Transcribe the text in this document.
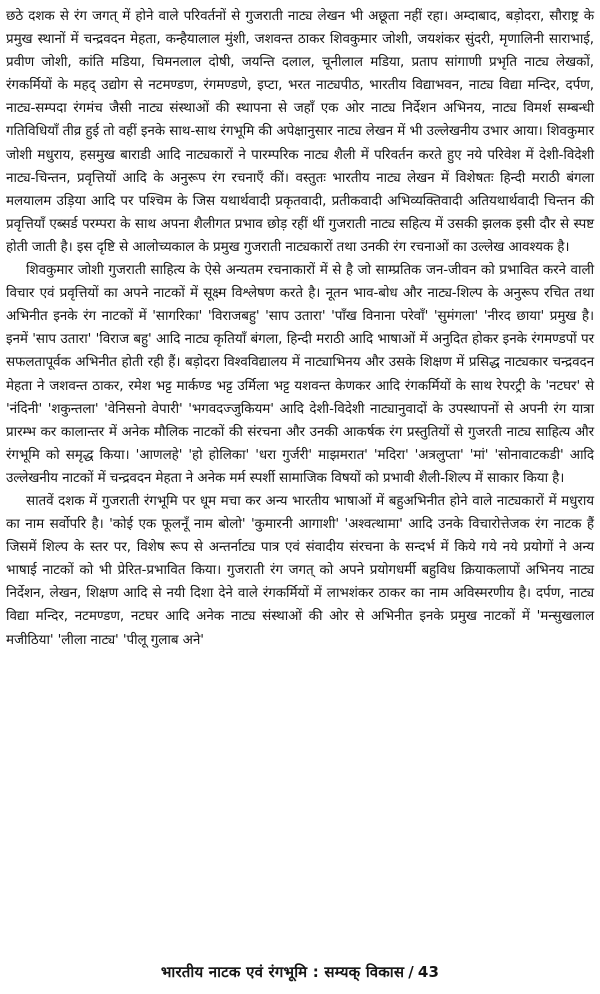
छठे दशक से रंग जगत् में होने वाले परिवर्तनों से गुजराती नाट्य लेखन भी अछूता नहीं रहा। अम्दाबाद, बड़ोदरा, सौराष्ट्र के प्रमुख स्थानों में चन्द्रवदन मेहता, कन्हैयालाल मुंशी, जशवन्त ठाकर शिवकुमार जोशी, जयशंकर सुंदरी, मृणालिनी साराभाई, प्रवीण जोशी, कांति मडिया, चिमनलाल दोषी, जयन्ति दलाल, चूनीलाल मडिया, प्रताप सांगाणी प्रभृति नाट्य लेखकों, रंगकर्मियों के महद् उद्योग से नटमण्डण, रंगमण्डणे, इप्टा, भरत नाट्यपीठ, भारतीय विद्याभवन, नाट्य विद्या मन्दिर, दर्पण, नाट्य-सम्पदा रंगमंच जैसी नाट्य संस्थाओं की स्थापना से जहाँ एक ओर नाट्य निर्देशन अभिनय, नाट्य विमर्श सम्बन्धी गतिविधियाँ तीव्र हुई तो वहीं इनके साथ-साथ रंगभूमि की अपेक्षानुसार नाट्य लेखन में भी उल्लेखनीय उभार आया। शिवकुमार जोशी मधुराय, हसमुख बाराडी आदि नाट्यकारों ने पारम्परिक नाट्य शैली में परिवर्तन करते हुए नये परिवेश में देशी-विदेशी नाट्य-चिन्तन, प्रवृत्तियों आदि के अनुरूप रंग रचनाएँ कीं। वस्तुतः भारतीय नाट्य लेखन में विशेषतः हिन्दी मराठी बंगला मलयालम उड़िया आदि पर पश्चिम के जिस यथार्थवादी प्रकृतवादी, प्रतीकवादी अभिव्यक्तिवादी अतियथार्थवादी चिन्तन की प्रवृत्तियाँ एब्सर्ड परम्परा के साथ अपना शैलीगत प्रभाव छोड़ रहीं थीं गुजराती नाट्य सहित्य में उसकी झलक इसी दौर से स्पष्ट होती जाती है। इस दृष्टि से आलोच्यकाल के प्रमुख गुजराती नाट्यकारों तथा उनकी रंग रचनाओं का उल्लेख आवश्यक है।

शिवकुमार जोशी गुजराती साहित्य के ऐसे अन्यतम रचनाकारों में से है जो साम्प्रतिक जन-जीवन को प्रभावित करने वाली विचार एवं प्रवृत्तियों का अपने नाटकों में सूक्ष्म विश्लेषण करते है। नूतन भाव-बोध और नाट्य-शिल्प के अनुरूप रचित तथा अभिनीत इनके रंग नाटकों में 'सागरिका' 'विराजबहु' 'साप उतारा' 'पाँख विनाना परेवाँ' 'सुमंगला' 'नीरद छाया' प्रमुख है। इनमें 'साप उतारा' 'विराज बहु' आदि नाट्य कृतियाँ बंगला, हिन्दी मराठी आदि भाषाओं में अनुदित होकर इनके रंगमण्डपों पर सफलतापूर्वक अभिनीत होती रही हैं। बड़ोदरा विश्वविद्यालय में नाट्याभिनय और उसके शिक्षण में प्रसिद्ध नाट्यकार चन्द्रवदन मेहता ने जशवन्त ठाकर, रमेश भट्ट मार्कण्ड भट्ट उर्मिला भट्ट यशवन्त केणकर आदि रंगकर्मियों के साथ रेपरट्री के 'नटघर' से 'नंदिनी' 'शकुन्तला' 'वेनिसनो वेपारी' 'भगवदज्जुकियम' आदि देशी-विदेशी नाट्यानुवादों के उपस्थापनों से अपनी रंग यात्रा प्रारम्भ कर कालान्तर में अनेक मौलिक नाटकों की संरचना और उनकी आकर्षक रंग प्रस्तुतियों से गुजरती नाट्य साहित्य और रंगभूमि को समृद्ध किया। 'आणलहे' 'हो होलिका' 'धरा गुर्जरी' माझमरात' 'मदिरा' 'अत्रलुप्ता' 'मां' 'सोनावाटकडी' आदि उल्लेखनीय नाटकों में चन्द्रवदन मेहता ने अनेक मर्म स्पर्शी सामाजिक विषयों को प्रभावी शैली-शिल्प में साकार किया है।

सातवें दशक में गुजराती रंगभूमि पर धूम मचा कर अन्य भारतीय भाषाओं में बहुअभिनीत होने वाले नाट्यकारों में मधुराय का नाम सर्वोपरि है। 'कोई एक फूलनूँ नाम बोलो' 'कुमारनी आगाशी' 'अश्वत्थामा' आदि उनके विचारोत्तेजक रंग नाटक हैं जिसमें शिल्प के स्तर पर, विशेष रूप से अन्तर्नाट्य पात्र एवं संवादीय संरचना के सन्दर्भ में किये गये नये प्रयोगों ने अन्य भाषाई नाटकों को भी प्रेरित-प्रभावित किया। गुजराती रंग जगत् को अपने प्रयोगधर्मी बहुविध क्रियाकलापों अभिनय नाट्य निर्देशन, लेखन, शिक्षण आदि से नयी दिशा देने वाले रंगकर्मियों में लाभशंकर ठाकर का नाम अविस्मरणीय है। दर्पण, नाट्य विद्या मन्दिर, नटमण्डण, नटघर आदि अनेक नाट्य संस्थाओं की ओर से अभिनीत इनके प्रमुख नाटकों में 'मन्सुखलाल मजीठिया' 'लीला नाट्य' 'पीलू गुलाब अने'

भारतीय नाटक एवं रंगभूमि : सम्यक् विकास / 43
